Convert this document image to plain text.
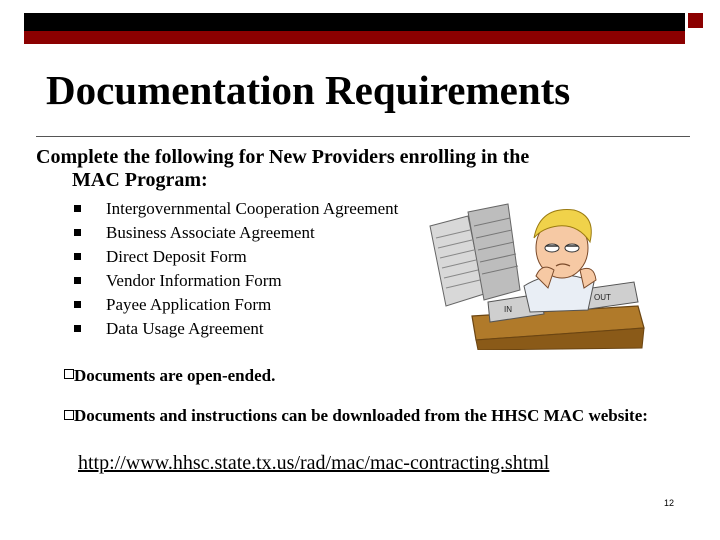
Documentation Requirements
Complete the following for New Providers enrolling in the
MAC Program:
Intergovernmental Cooperation Agreement
Business Associate Agreement
Direct Deposit Form
Vendor Information Form
Payee Application Form
Data Usage Agreement
IN
OUT
Documents are open-ended.
Documents and instructions can be downloaded from the HHSC MAC website:
http://www.hhsc.state.tx.us/rad/mac/mac-contracting.shtml
12
